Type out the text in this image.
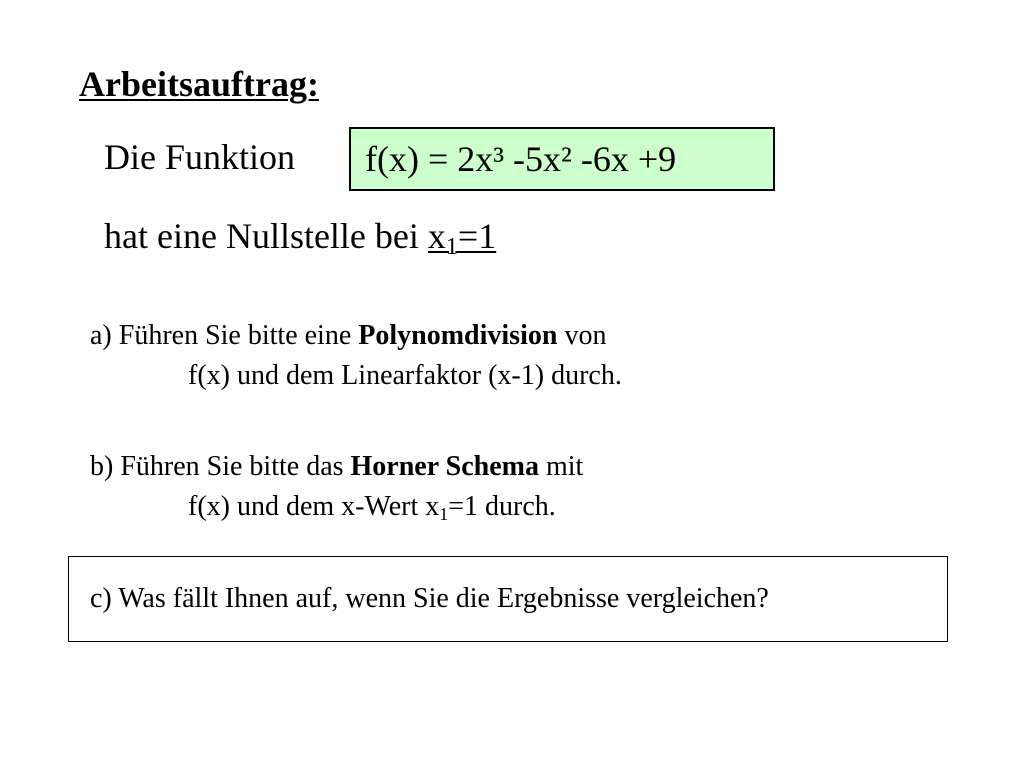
Arbeitsauftrag:
Die Funktion f(x) = 2x³ -5x² -6x +9
hat eine Nullstelle bei $x_1=1$
a) Führen Sie bitte eine Polynomdivision von
f(x) und dem Linearfaktor (x-1) durch.
b) Führen Sie bitte das Horner Schema mit
f(x) und dem x-Wert $x_1=1$ durch.
c) Was fällt Ihnen auf, wenn Sie die Ergebnisse vergleichen?
